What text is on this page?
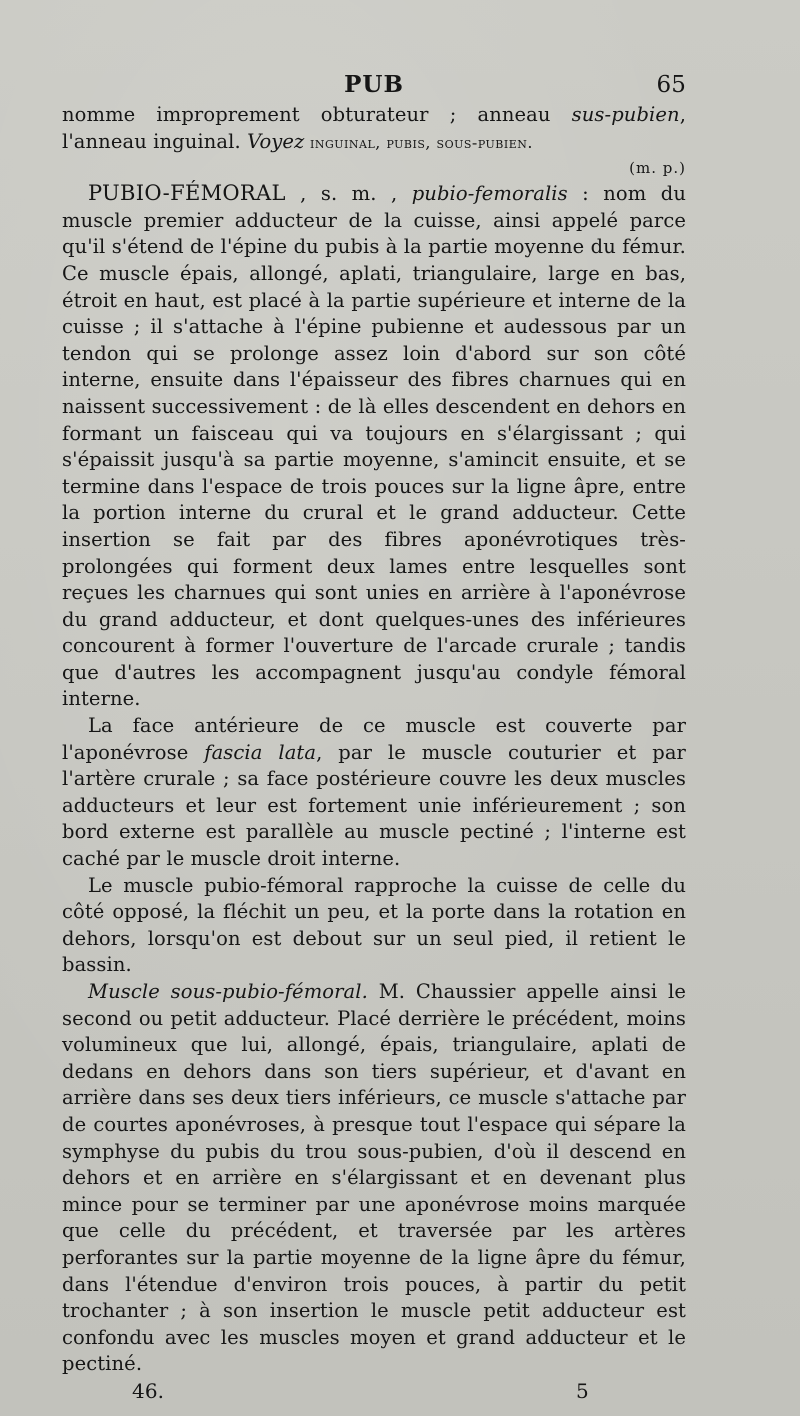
PUB	65

nomme improprement obturateur ; anneau sus-pubien, l'anneau inguinal. Voyez inguinal, pubis, sous-pubien.

(m. p.)

PUBIO-FÉMORAL , s. m. , pubio-femoralis : nom du muscle premier adducteur de la cuisse, ainsi appelé parce qu'il s'étend de l'épine du pubis à la partie moyenne du fémur. Ce muscle épais, allongé, aplati, triangulaire, large en bas, étroit en haut, est placé à la partie supérieure et interne de la cuisse ; il s'attache à l'épine pubienne et audessous par un tendon qui se prolonge assez loin d'abord sur son côté interne, ensuite dans l'épaisseur des fibres charnues qui en naissent successivement : de là elles descendent en dehors en formant un faisceau qui va toujours en s'élargissant ; qui s'épaissit jusqu'à sa partie moyenne, s'amincit ensuite, et se termine dans l'espace de trois pouces sur la ligne âpre, entre la portion interne du crural et le grand adducteur. Cette insertion se fait par des fibres aponévrotiques très-prolongées qui forment deux lames entre lesquelles sont reçues les charnues qui sont unies en arrière à l'aponévrose du grand adducteur, et dont quelques-unes des inférieures concourent à former l'ouverture de l'arcade crurale ; tandis que d'autres les accompagnent jusqu'au condyle fémoral interne.

La face antérieure de ce muscle est couverte par l'aponévrose fascia lata, par le muscle couturier et par l'artère crurale ; sa face postérieure couvre les deux muscles adducteurs et leur est fortement unie inférieurement ; son bord externe est parallèle au muscle pectiné ; l'interne est caché par le muscle droit interne.

Le muscle pubio-fémoral rapproche la cuisse de celle du côté opposé, la fléchit un peu, et la porte dans la rotation en dehors, lorsqu'on est debout sur un seul pied, il retient le bassin.

Muscle sous-pubio-fémoral. M. Chaussier appelle ainsi le second ou petit adducteur. Placé derrière le précédent, moins volumineux que lui, allongé, épais, triangulaire, aplati de dedans en dehors dans son tiers supérieur, et d'avant en arrière dans ses deux tiers inférieurs, ce muscle s'attache par de courtes aponévroses, à presque tout l'espace qui sépare la symphyse du pubis du trou sous-pubien, d'où il descend en dehors et en arrière en s'élargissant et en devenant plus mince pour se terminer par une aponévrose moins marquée que celle du précédent, et traversée par les artères perforantes sur la partie moyenne de la ligne âpre du fémur, dans l'étendue d'environ trois pouces, à partir du petit trochanter ; à son insertion le muscle petit adducteur est confondu avec les muscles moyen et grand adducteur et le pectiné.

46.	5
